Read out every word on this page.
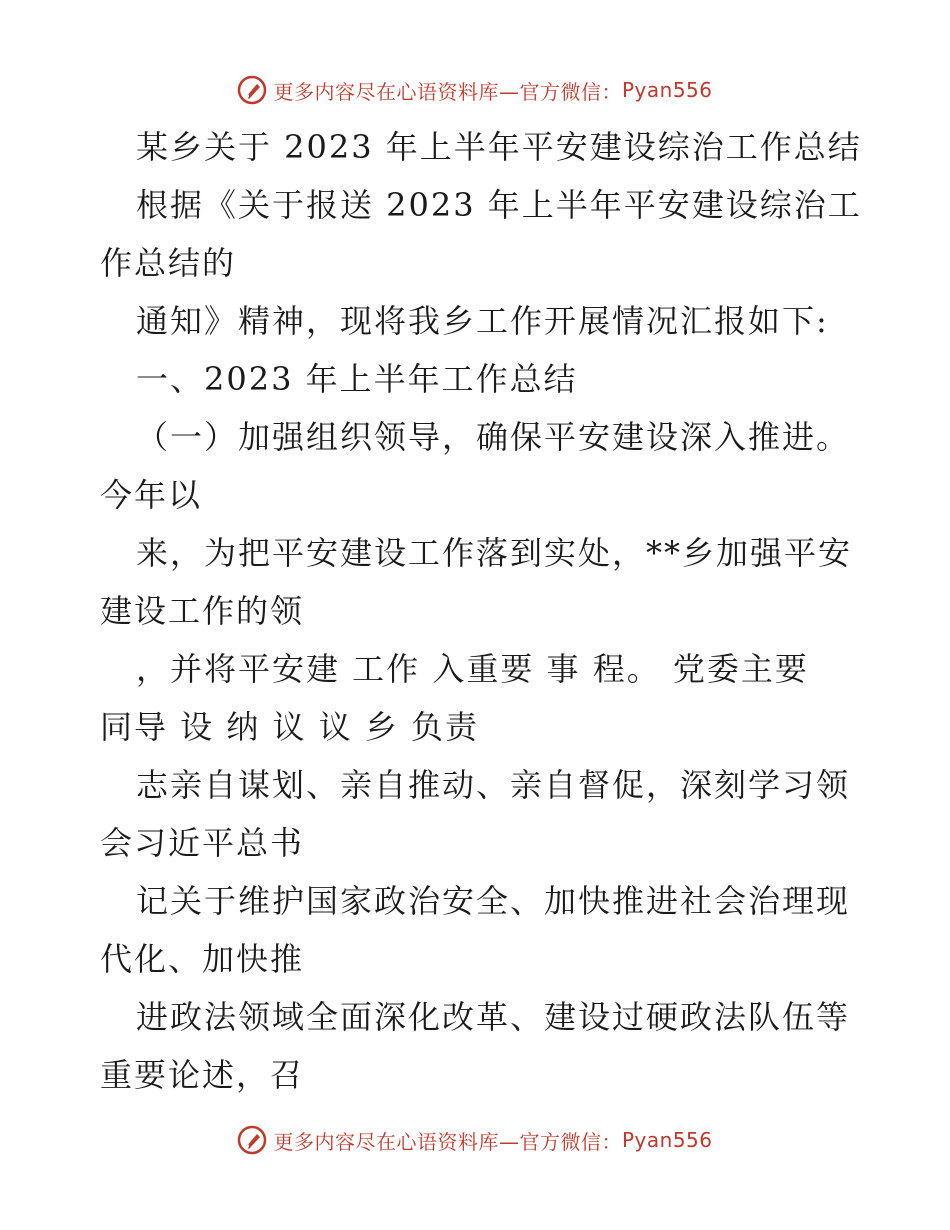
更多内容尽在心语资料库—官方微信： Pyan556
某乡关于 2023 年上半年平安建设综治工作总结
根据《关于报送 2023 年上半年平安建设综治工
作总结的
通知》精神，现将我乡工作开展情况汇报如下:
一、2023 年上半年工作总结
（一）加强组织领导，确保平安建设深入推进。
今年以
来，为把平安建设工作落到实处，**乡加强平安
建设工作的领
，并将平安建 工作 入重要 事 程。 党委主要
同导 设 纳 议 议 乡 负责
志亲自谋划、亲自推动、亲自督促，深刻学习领
会习近平总书
记关于维护国家政治安全、加快推进社会治理现
代化、加快推
进政法领域全面深化改革、建设过硬政法队伍等
重要论述，召
更多内容尽在心语资料库—官方微信： Pyan556
